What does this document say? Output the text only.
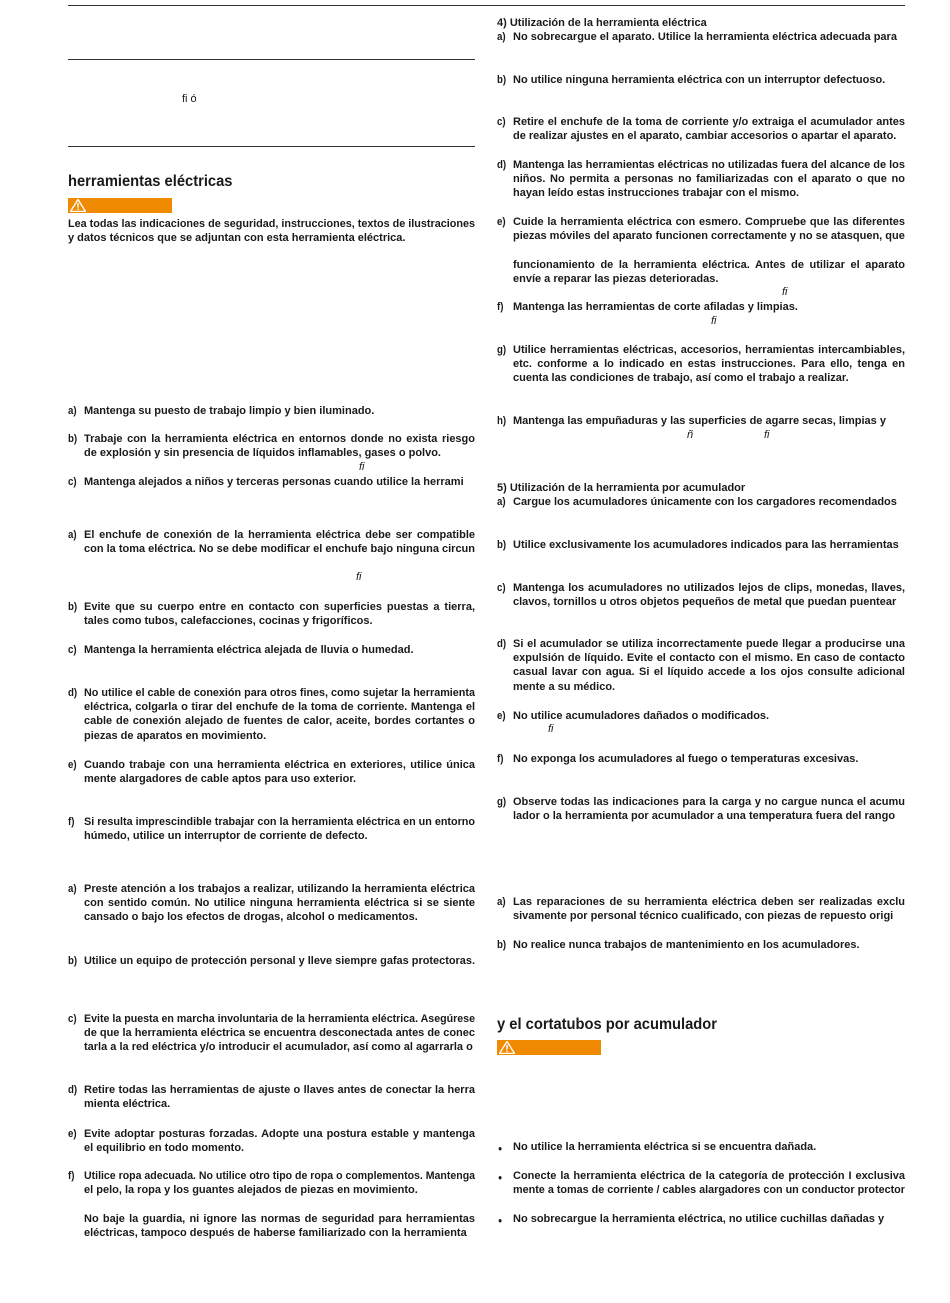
fi ó
herramientas eléctricas
Lea todas las indicaciones de seguridad, instrucciones, textos de ilustraciones
y datos técnicos que se adjuntan con esta herramienta eléctrica.
a) Mantenga su puesto de trabajo limpio y bien iluminado.
b) Trabaje con la herramienta eléctrica en entornos donde no exista riesgo
de explosión y sin presencia de líquidos inflamables, gases o polvo.
c) Mantenga alejados a niños y terceras personas cuando utilice la herrami
a) El enchufe de conexión de la herramienta eléctrica debe ser compatible
con la toma eléctrica. No se debe modificar el enchufe bajo ninguna circun
b) Evite que su cuerpo entre en contacto con superficies puestas a tierra,
tales como tubos, calefacciones, cocinas y frigoríficos.
c) Mantenga la herramienta eléctrica alejada de lluvia o humedad.
d) No utilice el cable de conexión para otros fines, como sujetar la herramienta
eléctrica, colgarla o tirar del enchufe de la toma de corriente. Mantenga el
cable de conexión alejado de fuentes de calor, aceite, bordes cortantes o
piezas de aparatos en movimiento.
e) Cuando trabaje con una herramienta eléctrica en exteriores, utilice única
mente alargadores de cable aptos para uso exterior.
f) Si resulta imprescindible trabajar con la herramienta eléctrica en un entorno
húmedo, utilice un interruptor de corriente de defecto.
a) Preste atención a los trabajos a realizar, utilizando la herramienta eléctrica
con sentido común. No utilice ninguna herramienta eléctrica si se siente
cansado o bajo los efectos de drogas, alcohol o medicamentos.
b) Utilice un equipo de protección personal y lleve siempre gafas protectoras.
c) Evite la puesta en marcha involuntaria de la herramienta eléctrica. Asegúrese
de que la herramienta eléctrica se encuentra desconectada antes de conec
tarla a la red eléctrica y/o introducir el acumulador, así como al agarrarla o
d) Retire todas las herramientas de ajuste o llaves antes de conectar la herra
mienta eléctrica.
e) Evite adoptar posturas forzadas. Adopte una postura estable y mantenga
el equilibrio en todo momento.
f) Utilice ropa adecuada. No utilice otro tipo de ropa o complementos. Mantenga
el pelo, la ropa y los guantes alejados de piezas en movimiento.
No baje la guardia, ni ignore las normas de seguridad para herramientas
eléctricas, tampoco después de haberse familiarizado con la herramienta
4) Utilización de la herramienta eléctrica
a) No sobrecargue el aparato. Utilice la herramienta eléctrica adecuada para
b) No utilice ninguna herramienta eléctrica con un interruptor defectuoso.
c) Retire el enchufe de la toma de corriente y/o extraiga el acumulador antes
de realizar ajustes en el aparato, cambiar accesorios o apartar el aparato.
d) Mantenga las herramientas eléctricas no utilizadas fuera del alcance de los
niños. No permita a personas no familiarizadas con el aparato o que no
hayan leído estas instrucciones trabajar con el mismo.
e) Cuide la herramienta eléctrica con esmero. Compruebe que las diferentes
piezas móviles del aparato funcionen correctamente y no se atasquen, que
funcionamiento de la herramienta eléctrica. Antes de utilizar el aparato
envíe a reparar las piezas deterioradas.
f) Mantenga las herramientas de corte afiladas y limpias.
g) Utilice herramientas eléctricas, accesorios, herramientas intercambiables,
etc. conforme a lo indicado en estas instrucciones. Para ello, tenga en
cuenta las condiciones de trabajo, así como el trabajo a realizar.
h) Mantenga las empuñaduras y las superficies de agarre secas, limpias y
5) Utilización de la herramienta por acumulador
a) Cargue los acumuladores únicamente con los cargadores recomendados
b) Utilice exclusivamente los acumuladores indicados para las herramientas
c) Mantenga los acumuladores no utilizados lejos de clips, monedas, llaves,
clavos, tornillos u otros objetos pequeños de metal que puedan puentear
d) Si el acumulador se utiliza incorrectamente puede llegar a producirse una
expulsión de líquido. Evite el contacto con el mismo. En caso de contacto
casual lavar con agua. Si el líquido accede a los ojos consulte adicional
mente a su médico.
e) No utilice acumuladores dañados o modificados.
f) No exponga los acumuladores al fuego o temperaturas excesivas.
g) Observe todas las indicaciones para la carga y no cargue nunca el acumu
lador o la herramienta por acumulador a una temperatura fuera del rango
a) Las reparaciones de su herramienta eléctrica deben ser realizadas exclu
sivamente por personal técnico cualificado, con piezas de repuesto origi
b) No realice nunca trabajos de mantenimiento en los acumuladores.
y el cortatubos por acumulador
● No utilice la herramienta eléctrica si se encuentra dañada.
● Conecte la herramienta eléctrica de la categoría de protección I exclusiva
mente a tomas de corriente / cables alargadores con un conductor protector
● No sobrecargue la herramienta eléctrica, no utilice cuchillas dañadas y
fi
fi
fi
fi
ñ	fi
fi
